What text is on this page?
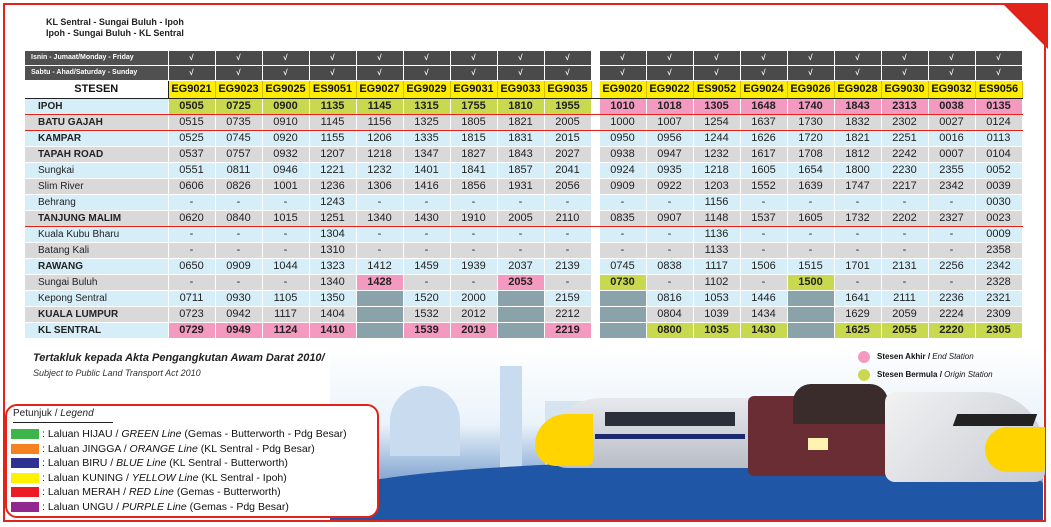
KL Sentral - Sungai Buluh - Ipoh
Ipoh - Sungai Buluh - KL Sentral
Isnin - Jumaat/Monday - Friday	√	√	√	√	√	√	√	√	√		√	√	√	√	√	√	√	√	√
Sabtu - Ahad/Saturday - Sunday	√	√	√	√	√	√	√	√	√		√	√	√	√	√	√	√	√	√
STESEN	EG9021	EG9023	EG9025	ES9051	EG9027	EG9029	EG9031	EG9033	EG9035		EG9020	EG9022	ES9052	EG9024	EG9026	EG9028	EG9030	EG9032	ES9056
IPOH	0505	0725	0900	1135	1145	1315	1755	1810	1955		1010	1018	1305	1648	1740	1843	2313	0038	0135
BATU GAJAH	0515	0735	0910	1145	1156	1325	1805	1821	2005		1000	1007	1254	1637	1730	1832	2302	0027	0124
KAMPAR	0525	0745	0920	1155	1206	1335	1815	1831	2015		0950	0956	1244	1626	1720	1821	2251	0016	0113
TAPAH ROAD	0537	0757	0932	1207	1218	1347	1827	1843	2027		0938	0947	1232	1617	1708	1812	2242	0007	0104
Sungkai	0551	0811	0946	1221	1232	1401	1841	1857	2041		0924	0935	1218	1605	1654	1800	2230	2355	0052
Slim River	0606	0826	1001	1236	1306	1416	1856	1931	2056		0909	0922	1203	1552	1639	1747	2217	2342	0039
Behrang	-	-	-	1243	-	-	-	-	-		-	-	1156	-	-	-	-	-	0030
TANJUNG MALIM	0620	0840	1015	1251	1340	1430	1910	2005	2110		0835	0907	1148	1537	1605	1732	2202	2327	0023
Kuala Kubu Bharu	-	-	-	1304	-	-	-	-	-		-	-	1136	-	-	-	-	-	0009
Batang Kali	-	-	-	1310	-	-	-	-	-		-	-	1133	-	-	-	-	-	2358
RAWANG	0650	0909	1044	1323	1412	1459	1939	2037	2139		0745	0838	1117	1506	1515	1701	2131	2256	2342
Sungai Buluh	-	-	-	1340	1428	-	-	2053	-		0730	-	1102	-	1500	-	-	-	2328
Kepong Sentral	0711	0930	1105	1350		1520	2000		2159			0816	1053	1446		1641	2111	2236	2321
KUALA LUMPUR	0723	0942	1117	1404		1532	2012		2212			0804	1039	1434		1629	2059	2224	2309
KL SENTRAL	0729	0949	1124	1410		1539	2019		2219			0800	1035	1430		1625	2055	2220	2305
Tertakluk kepada Akta Pengangkutan Awam Darat 2010/
Subject to Public Land Transport Act 2010
Stesen Akhir / End Station
Stesen Bermula / Origin Station
Petunjuk / Legend
: Laluan HIJAU / GREEN Line (Gemas - Butterworth - Pdg Besar)
: Laluan JINGGA / ORANGE Line (KL Sentral - Pdg Besar)
: Laluan BIRU / BLUE Line (KL Sentral - Butterworth)
: Laluan KUNING / YELLOW Line (KL Sentral - Ipoh)
: Laluan MERAH / RED Line (Gemas - Butterworth)
: Laluan UNGU / PURPLE Line (Gemas - Pdg Besar)
